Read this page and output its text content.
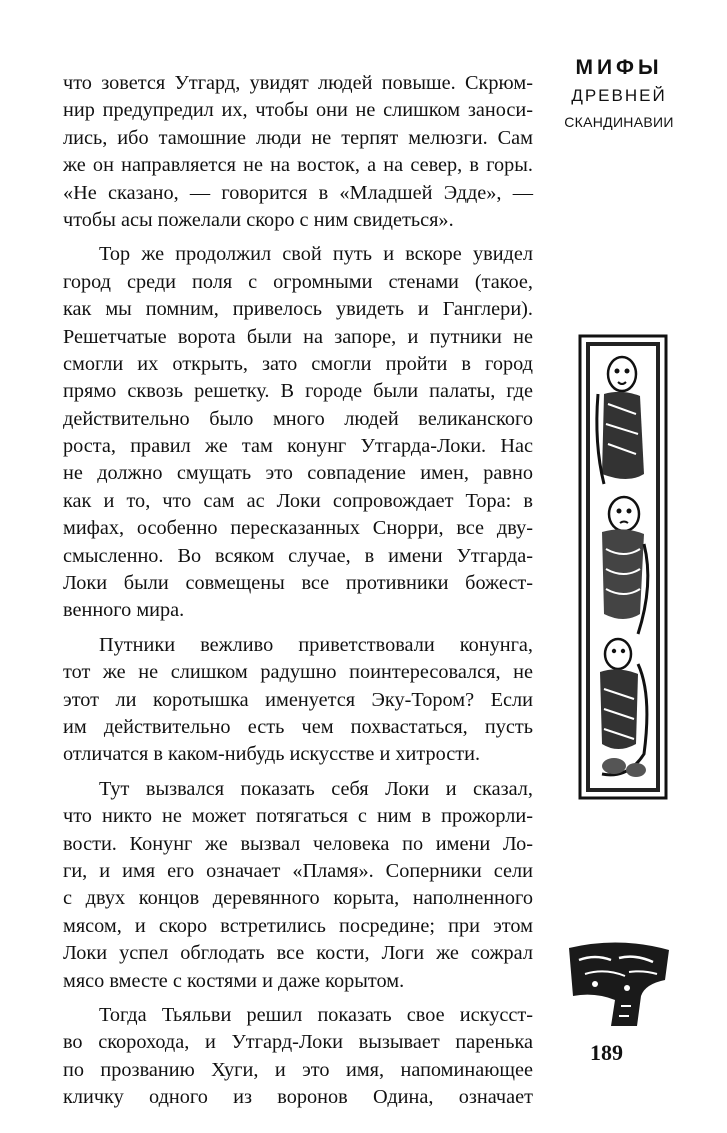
что зовется Утгард, увидят людей повыше. Скрюм-
нир предупредил их, чтобы они не слишком заноси-
лись, ибо тамошние люди не терпят мелюзги. Сам
же он направляется не на восток, а на север, в горы.
«Не сказано, — говорится в «Младшей Эдде», —
чтобы асы пожелали скоро с ним свидеться».
Тор же продолжил свой путь и вскоре увидел
город среди поля с огромными стенами (такое,
как мы помним, привелось увидеть и Ганглери).
Решетчатые ворота были на запоре, и путники не
смогли их открыть, зато смогли пройти в город
прямо сквозь решетку. В городе были палаты, где
действительно было много людей великанского
роста, правил же там конунг Утгарда-Локи. Нас
не должно смущать это совпадение имен, равно
как и то, что сам ас Локи сопровождает Тора: в
мифах, особенно пересказанных Снорри, все дву-
смысленно. Во всяком случае, в имени Утгарда-
Локи были совмещены все противники божест-
венного мира.
Путники вежливо приветствовали конунга,
тот же не слишком радушно поинтересовался, не
этот ли коротышка именуется Эку-Тором? Если
им действительно есть чем похвастаться, пусть
отличатся в каком-нибудь искусстве и хитрости.
Тут вызвался показать себя Локи и сказал,
что никто не может потягаться с ним в прожорли-
вости. Конунг же вызвал человека по имени Ло-
ги, и имя его означает «Пламя». Соперники сели
с двух концов деревянного корыта, наполненного
мясом, и скоро встретились посредине; при этом
Локи успел обглодать все кости, Логи же сожрал
мясо вместе с костями и даже корытом.
Тогда Тьяльви решил показать свое искусст-
во скорохода, и Утгард-Локи вызывает паренька
по прозванию Хуги, и это имя, напоминающее
кличку одного из воронов Одина, означает
МИФЫ
ДРЕВНЕЙ
СКАНДИНАВИИ
189
